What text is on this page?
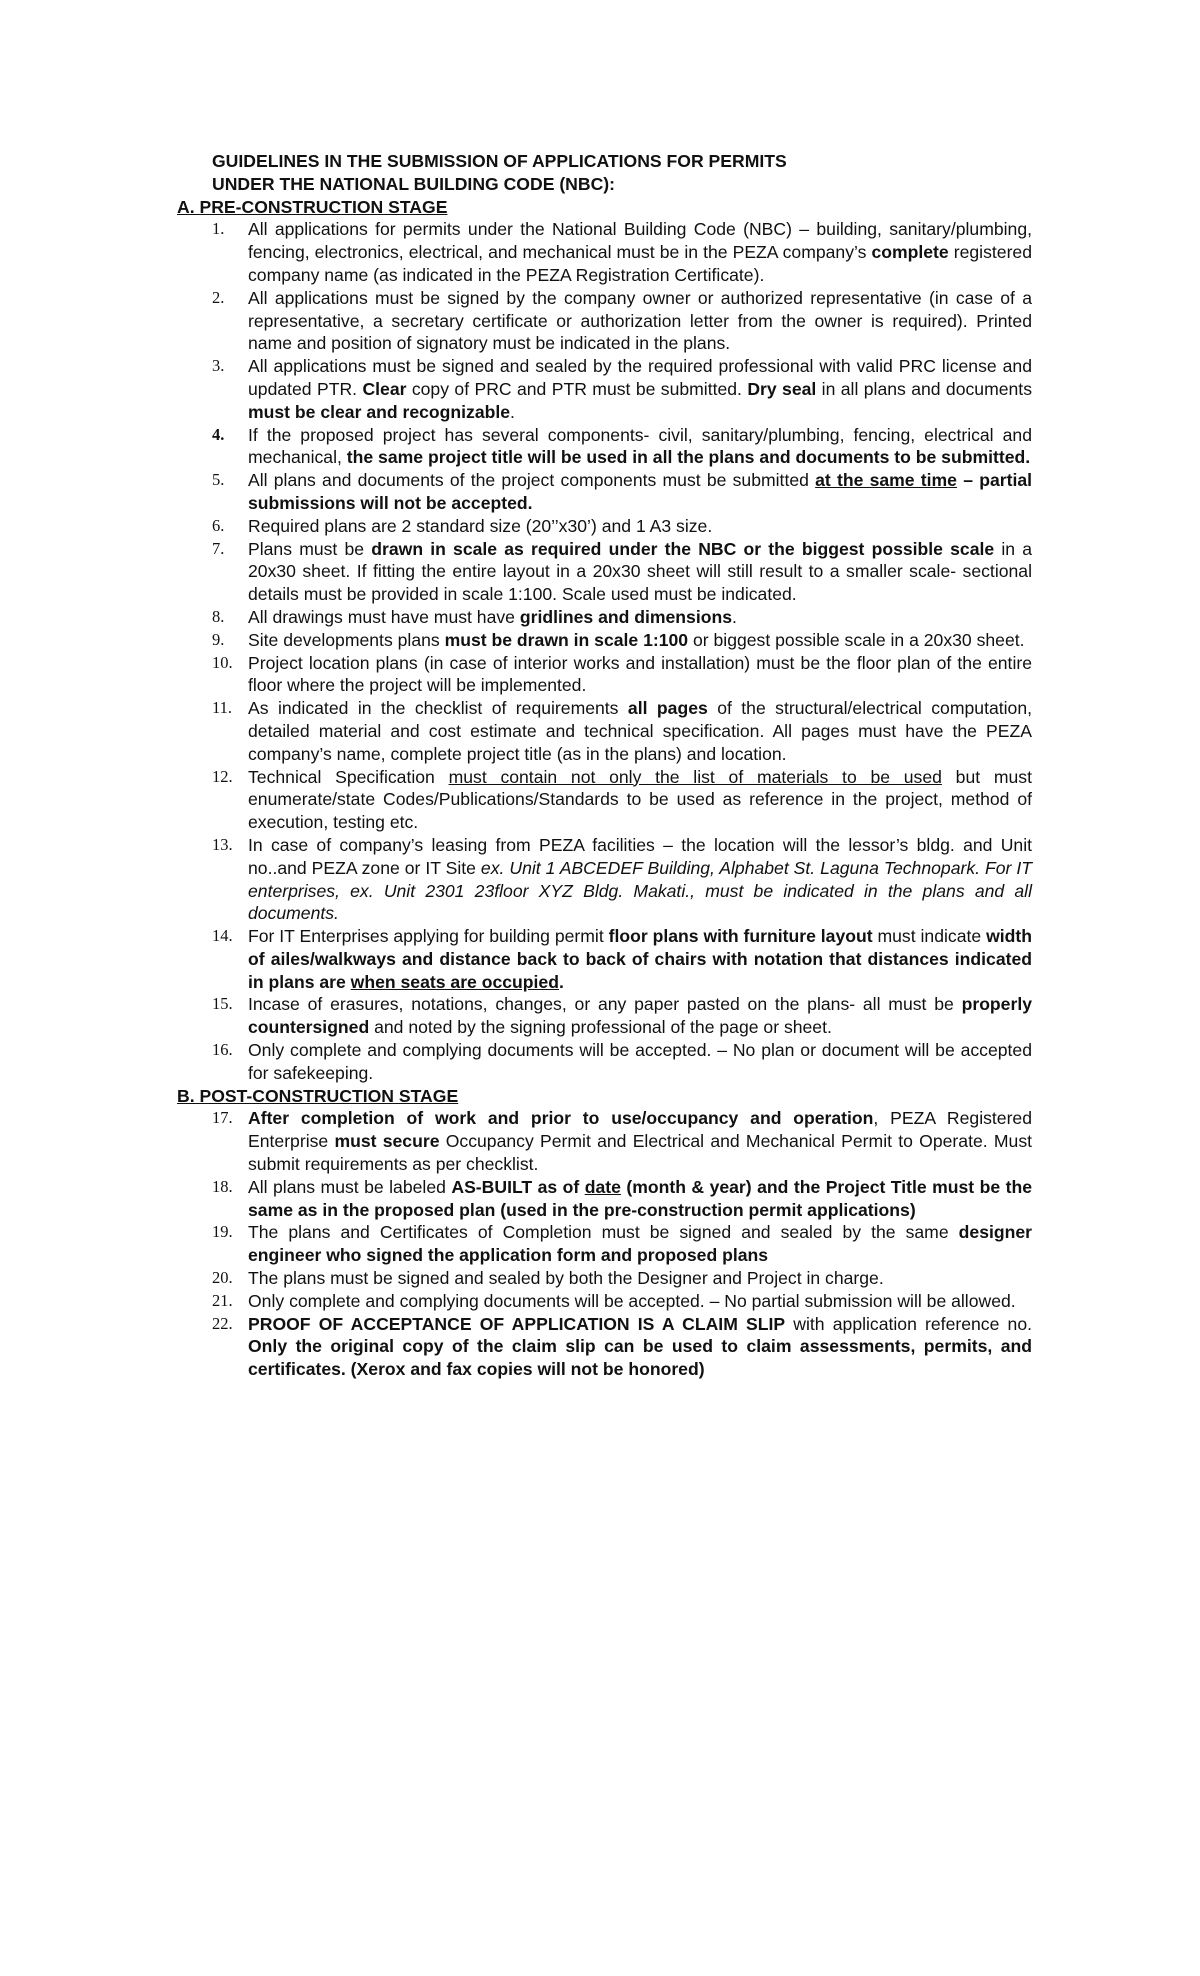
GUIDELINES IN THE SUBMISSION OF APPLICATIONS FOR PERMITS
UNDER THE NATIONAL BUILDING CODE (NBC):
A. PRE-CONSTRUCTION STAGE
1. All applications for permits under the National Building Code (NBC) – building, sanitary/plumbing, fencing, electronics, electrical, and mechanical must be in the PEZA company’s complete registered company name (as indicated in the PEZA Registration Certificate).
2. All applications must be signed by the company owner or authorized representative (in case of a representative, a secretary certificate or authorization letter from the owner is required). Printed name and position of signatory must be indicated in the plans.
3. All applications must be signed and sealed by the required professional with valid PRC license and updated PTR. Clear copy of PRC and PTR must be submitted. Dry seal in all plans and documents must be clear and recognizable.
4. If the proposed project has several components- civil, sanitary/plumbing, fencing, electrical and mechanical, the same project title will be used in all the plans and documents to be submitted.
5. All plans and documents of the project components must be submitted at the same time – partial submissions will not be accepted.
6. Required plans are 2 standard size (20’’x30’) and 1 A3 size.
7. Plans must be drawn in scale as required under the NBC or the biggest possible scale in a 20x30 sheet. If fitting the entire layout in a 20x30 sheet will still result to a smaller scale- sectional details must be provided in scale 1:100. Scale used must be indicated.
8. All drawings must have must have gridlines and dimensions.
9. Site developments plans must be drawn in scale 1:100 or biggest possible scale in a 20x30 sheet.
10. Project location plans (in case of interior works and installation) must be the floor plan of the entire floor where the project will be implemented.
11. As indicated in the checklist of requirements all pages of the structural/electrical computation, detailed material and cost estimate and technical specification. All pages must have the PEZA company’s name, complete project title (as in the plans) and location.
12. Technical Specification must contain not only the list of materials to be used but must enumerate/state Codes/Publications/Standards to be used as reference in the project, method of execution, testing etc.
13. In case of company’s leasing from PEZA facilities – the location will the lessor’s bldg. and Unit no..and PEZA zone or IT Site ex. Unit 1 ABCEDEF Building, Alphabet St. Laguna Technopark. For IT enterprises, ex. Unit 2301 23floor XYZ Bldg. Makati., must be indicated in the plans and all documents.
14. For IT Enterprises applying for building permit floor plans with furniture layout must indicate width of ailes/walkways and distance back to back of chairs with notation that distances indicated in plans are when seats are occupied.
15. Incase of erasures, notations, changes, or any paper pasted on the plans- all must be properly countersigned and noted by the signing professional of the page or sheet.
16. Only complete and complying documents will be accepted. – No plan or document will be accepted for safekeeping.
B. POST-CONSTRUCTION STAGE
17. After completion of work and prior to use/occupancy and operation, PEZA Registered Enterprise must secure Occupancy Permit and Electrical and Mechanical Permit to Operate. Must submit requirements as per checklist.
18. All plans must be labeled AS-BUILT as of date (month & year) and the Project Title must be the same as in the proposed plan (used in the pre-construction permit applications)
19. The plans and Certificates of Completion must be signed and sealed by the same designer engineer who signed the application form and proposed plans
20. The plans must be signed and sealed by both the Designer and Project in charge.
21. Only complete and complying documents will be accepted. – No partial submission will be allowed.
22. PROOF OF ACCEPTANCE OF APPLICATION IS A CLAIM SLIP with application reference no. Only the original copy of the claim slip can be used to claim assessments, permits, and certificates. (Xerox and fax copies will not be honored)
